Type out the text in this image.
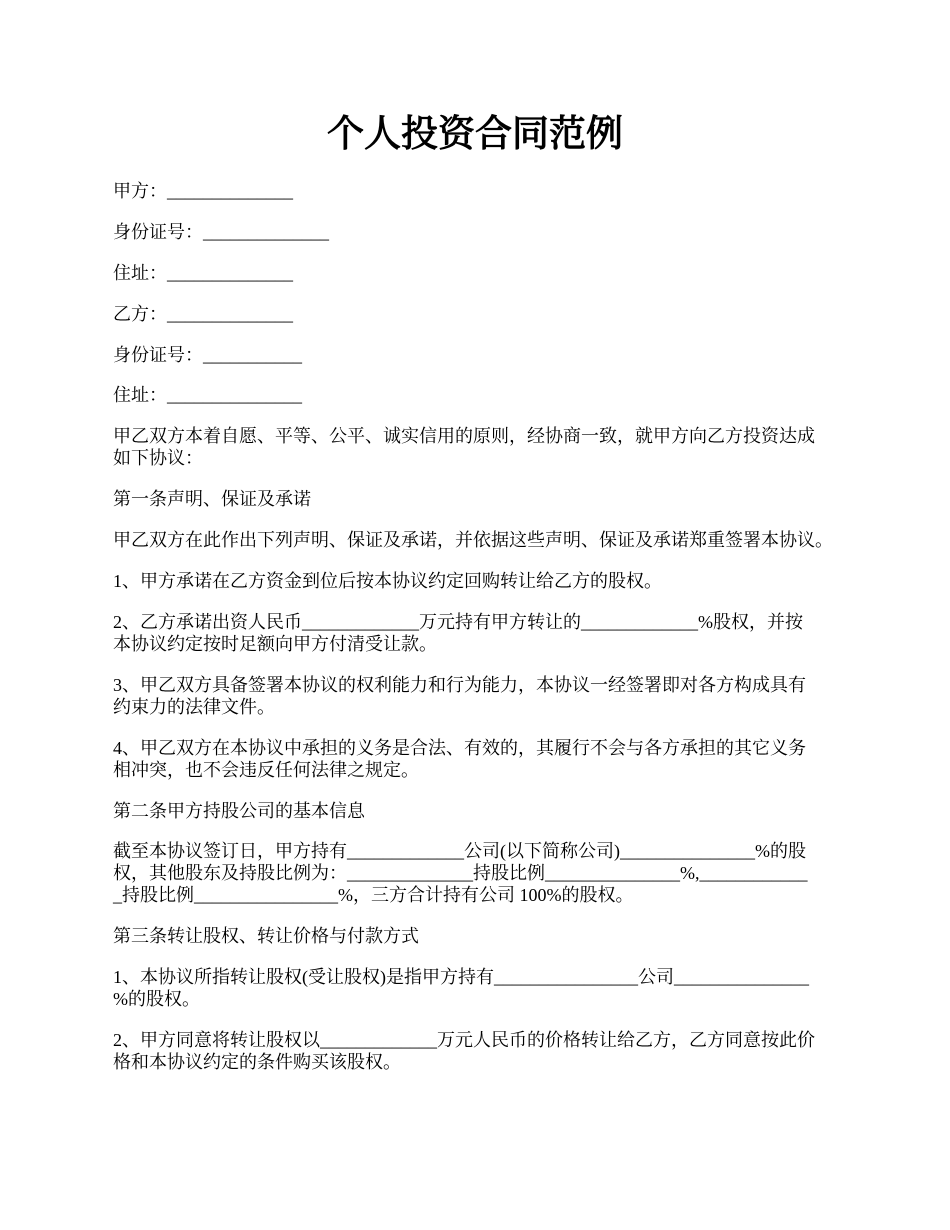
个人投资合同范例

甲方：______________

身份证号：______________

住址：______________

乙方：______________

身份证号：___________

住址：_______________

甲乙双方本着自愿、平等、公平、诚实信用的原则，经协商一致，就甲方向乙方投资达成
如下协议：

第一条声明、保证及承诺

甲乙双方在此作出下列声明、保证及承诺，并依据这些声明、保证及承诺郑重签署本协议。

1、甲方承诺在乙方资金到位后按本协议约定回购转让给乙方的股权。

2、乙方承诺出资人民币_____________万元持有甲方转让的_____________%股权，并按
本协议约定按时足额向甲方付清受让款。

3、甲乙双方具备签署本协议的权利能力和行为能力，本协议一经签署即对各方构成具有
约束力的法律文件。

4、甲乙双方在本协议中承担的义务是合法、有效的，其履行不会与各方承担的其它义务
相冲突，也不会违反任何法律之规定。

第二条甲方持股公司的基本信息

截至本协议签订日，甲方持有_____________公司(以下简称公司)_______________%的股
权，其他股东及持股比例为：______________持股比例_______________%,____________
_持股比例________________%，三方合计持有公司 100%的股权。

第三条转让股权、转让价格与付款方式

1、本协议所指转让股权(受让股权)是指甲方持有________________公司_______________
%的股权。

2、甲方同意将转让股权以_____________万元人民币的价格转让给乙方，乙方同意按此价
格和本协议约定的条件购买该股权。
